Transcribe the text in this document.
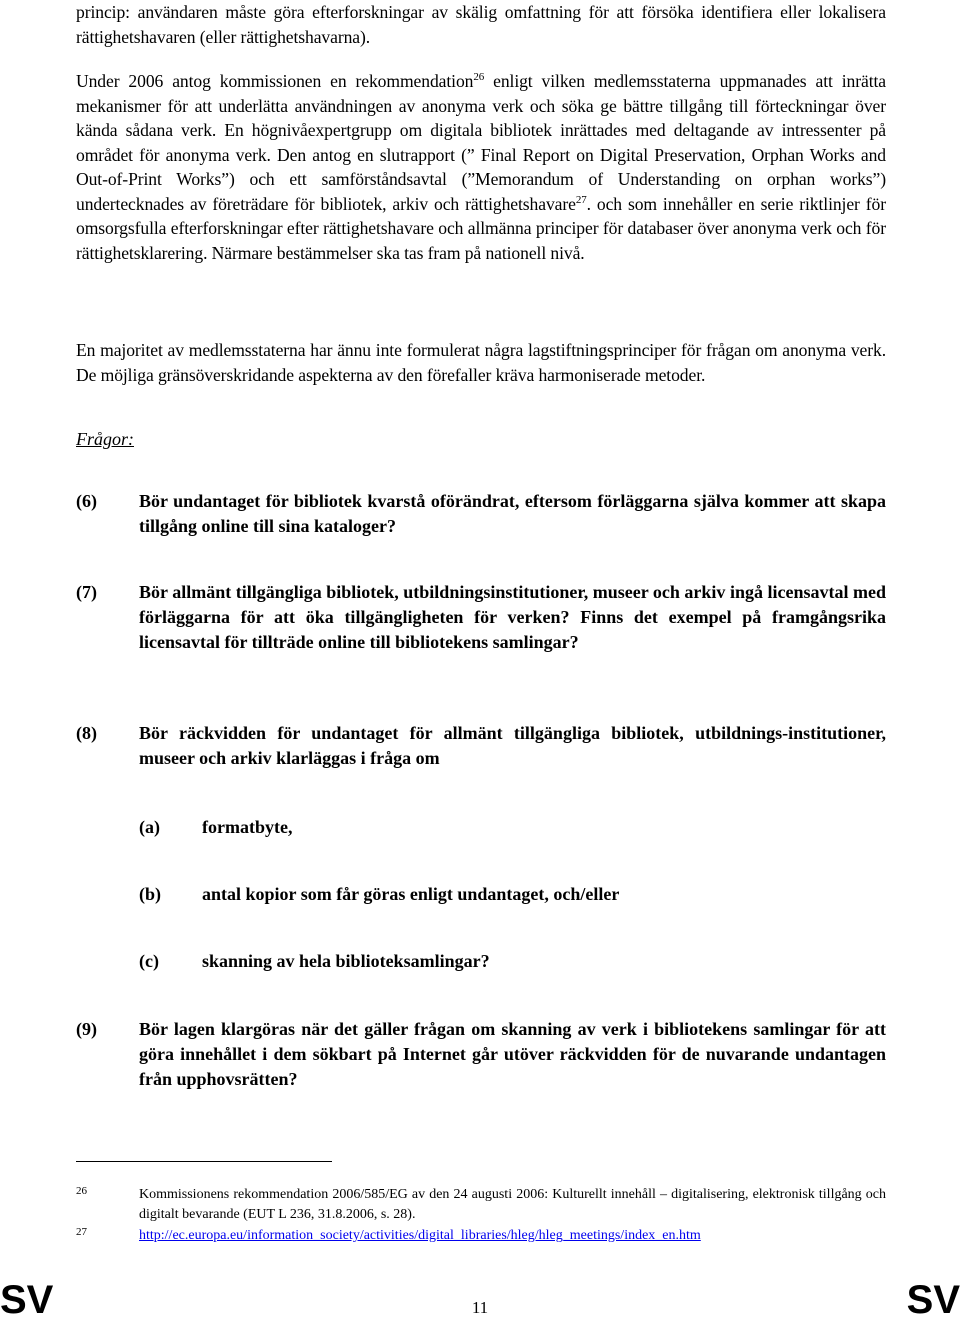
princip: användaren måste göra efterforskningar av skälig omfattning för att försöka identifiera eller lokalisera rättighetshavaren (eller rättighetshavarna).

Under 2006 antog kommissionen en rekommendation$^{26}$ enligt vilken medlemsstaterna uppmanades att inrätta mekanismer för att underlätta användningen av anonyma verk och söka ge bättre tillgång till förteckningar över kända sådana verk. En högnivåexpertgrupp om digitala bibliotek inrättades med deltagande av intressenter på området för anonyma verk. Den antog en slutrapport (” Final Report on Digital Preservation, Orphan Works and Out-of-Print Works”) och ett samförståndsavtal (”Memorandum of Understanding on orphan works”) undertecknades av företrädare för bibliotek, arkiv och rättighetshavare$^{27}$. och som innehåller en serie riktlinjer för omsorgsfulla efterforskningar efter rättighetshavare och allmänna principer för databaser över anonyma verk och för rättighetsklarering. Närmare bestämmelser ska tas fram på nationell nivå.

En majoritet av medlemsstaterna har ännu inte formulerat några lagstiftningsprinciper för frågan om anonyma verk. De möjliga gränsöverskridande aspekterna av den förefaller kräva harmoniserade metoder.

Frågor:

(6) Bör undantaget för bibliotek kvarstå oförändrat, eftersom förläggarna själva kommer att skapa tillgång online till sina kataloger?
(7) Bör allmänt tillgängliga bibliotek, utbildningsinstitutioner, museer och arkiv ingå licensavtal med förläggarna för att öka tillgängligheten för verken? Finns det exempel på framgångsrika licensavtal för tillträde online till bibliotekens samlingar?
(8) Bör räckvidden för undantaget för allmänt tillgängliga bibliotek, utbildnings-institutioner, museer och arkiv klarläggas i fråga om
(a) formatbyte,
(b) antal kopior som får göras enligt undantaget, och/eller
(c) skanning av hela biblioteksamlingar?
(9) Bör lagen klargöras när det gäller frågan om skanning av verk i bibliotekens samlingar för att göra innehållet i dem sökbart på Internet går utöver räckvidden för de nuvarande undantagen från upphovsrätten?
26	Kommissionens rekommendation 2006/585/EG av den 24 augusti 2006: Kulturellt innehåll – digitalisering, elektronisk tillgång och digitalt bevarande (EUT L 236, 31.8.2006, s. 28).
27	http://ec.europa.eu/information_society/activities/digital_libraries/hleg/hleg_meetings/index_en.htm
SV	SV
11
